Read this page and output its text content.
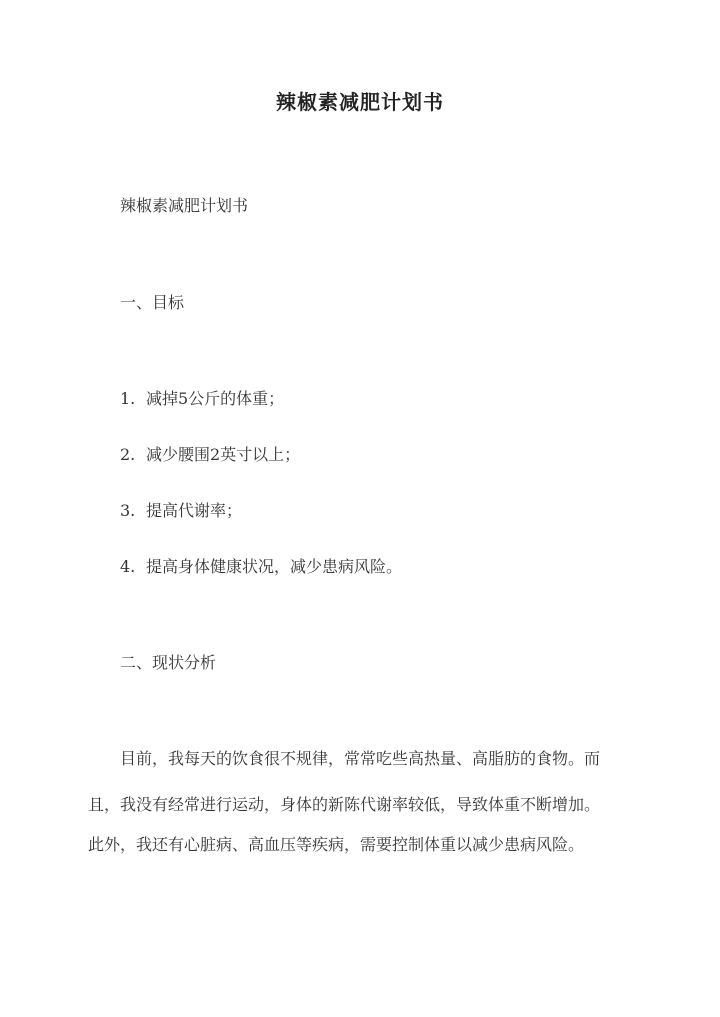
辣椒素减肥计划书
辣椒素减肥计划书
一、目标
1. 减掉5公斤的体重；
2. 减少腰围2英寸以上；
3. 提高代谢率；
4. 提高身体健康状况，减少患病风险。
二、现状分析
目前，我每天的饮食很不规律，常常吃些高热量、高脂肪的食物。而
且，我没有经常进行运动，身体的新陈代谢率较低，导致体重不断增加。
此外，我还有心脏病、高血压等疾病，需要控制体重以减少患病风险。
